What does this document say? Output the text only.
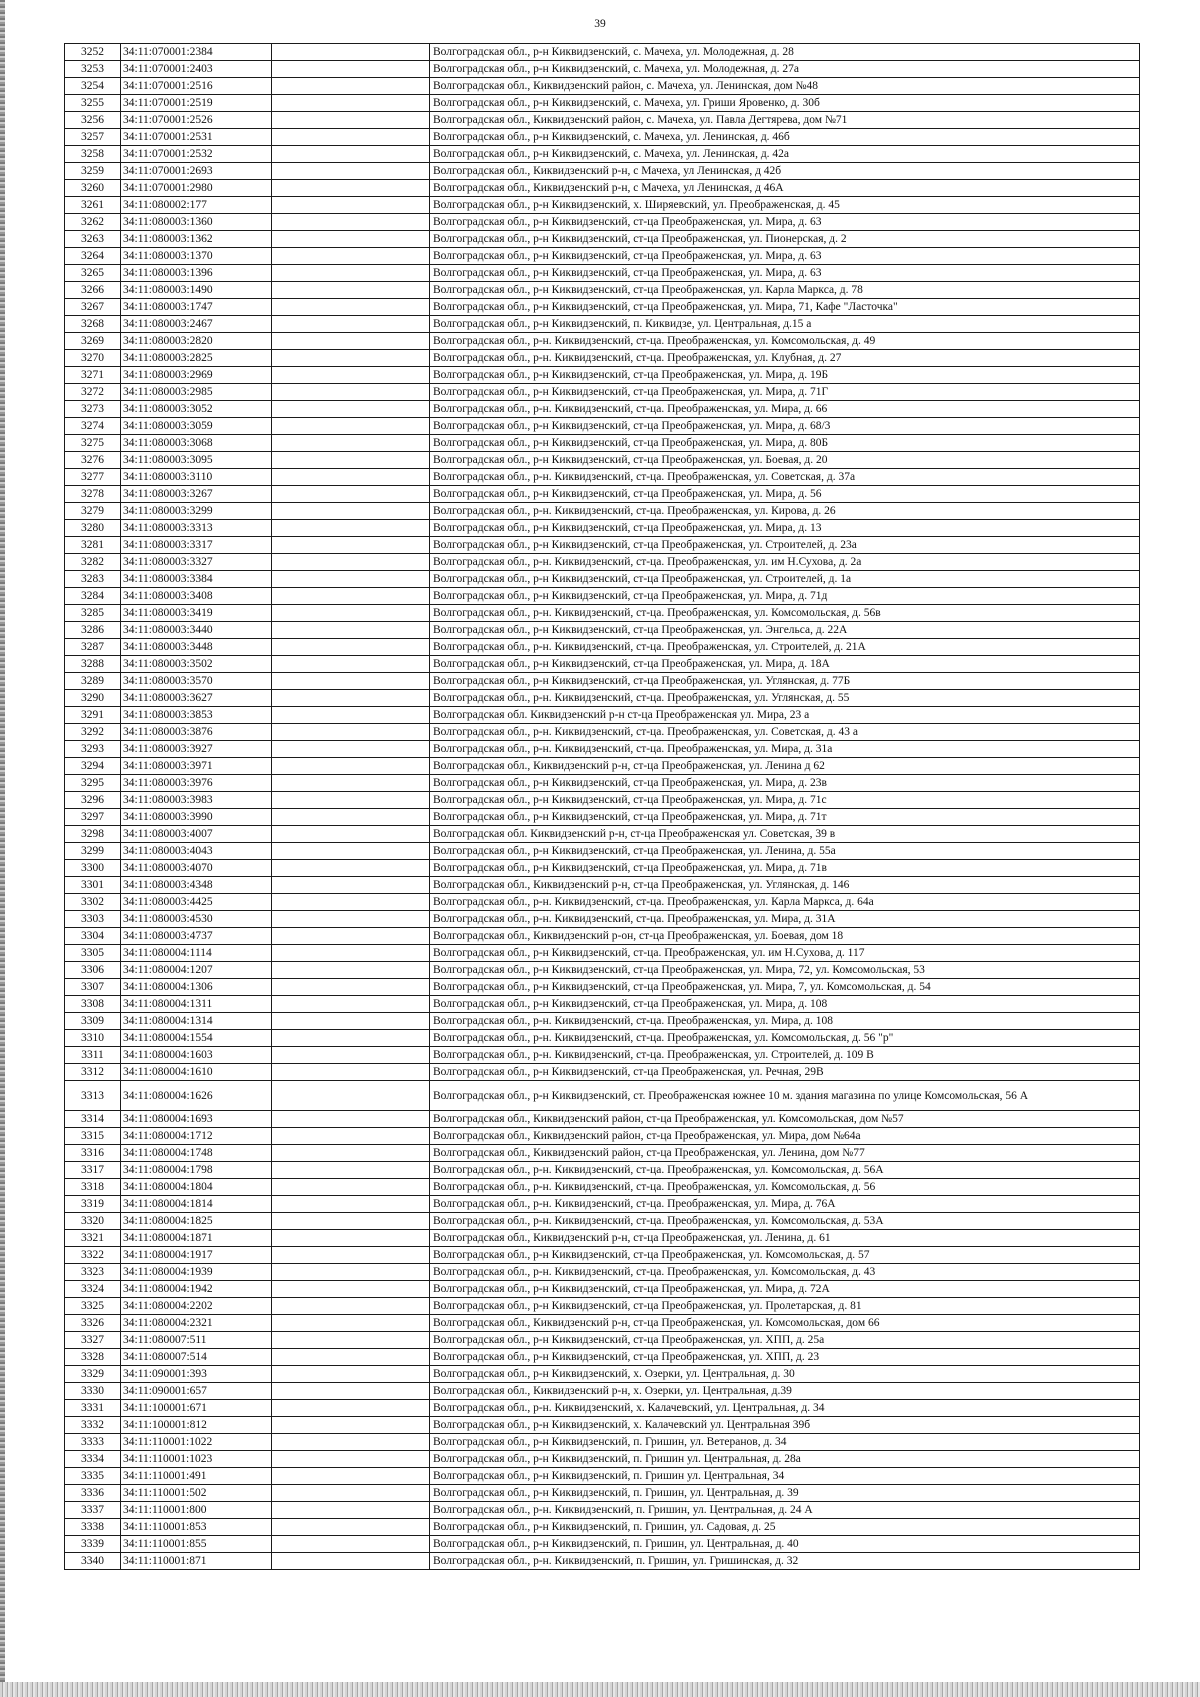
39
3252	34:11:070001:2384		Волгоградская обл., р-н Киквидзенский, с. Мачеха, ул. Молодежная, д. 28
3253	34:11:070001:2403		Волгоградская обл., р-н Киквидзенский, с. Мачеха, ул. Молодежная, д. 27а
3254	34:11:070001:2516		Волгоградская обл., Киквидзенский район, с. Мачеха, ул. Ленинская, дом №48
3255	34:11:070001:2519		Волгоградская обл., р-н Киквидзенский, с. Мачеха, ул. Гриши Яровенко, д. 30б
3256	34:11:070001:2526		Волгоградская обл., Киквидзенский район, с. Мачеха, ул. Павла Дегтярева, дом №71
3257	34:11:070001:2531		Волгоградская обл., р-н Киквидзенский, с. Мачеха, ул. Ленинская, д. 46б
3258	34:11:070001:2532		Волгоградская обл., р-н Киквидзенский, с. Мачеха, ул. Ленинская, д. 42а
3259	34:11:070001:2693		Волгоградская обл., Киквидзенский р-н, с Мачеха, ул Ленинская, д 42б
3260	34:11:070001:2980		Волгоградская обл., Киквидзенский р-н, с Мачеха, ул Ленинская, д 46А
3261	34:11:080002:177		Волгоградская обл., р-н Киквидзенский, х. Ширяевский, ул. Преображенская, д. 45
3262	34:11:080003:1360		Волгоградская обл., р-н Киквидзенский, ст-ца Преображенская, ул. Мира, д. 63
3263	34:11:080003:1362		Волгоградская обл., р-н Киквидзенский, ст-ца Преображенская, ул. Пионерская, д. 2
3264	34:11:080003:1370		Волгоградская обл., р-н Киквидзенский, ст-ца Преображенская, ул. Мира, д. 63
3265	34:11:080003:1396		Волгоградская обл., р-н Киквидзенский, ст-ца Преображенская, ул. Мира, д. 63
3266	34:11:080003:1490		Волгоградская обл., р-н Киквидзенский, ст-ца Преображенская, ул. Карла Маркса, д. 78
3267	34:11:080003:1747		Волгоградская обл., р-н Киквидзенский, ст-ца Преображенская, ул. Мира, 71, Кафе "Ласточка"
3268	34:11:080003:2467		Волгоградская обл., р-н Киквидзенский, п. Киквидзе, ул. Центральная, д.15 а
3269	34:11:080003:2820		Волгоградская обл., р-н. Киквидзенский, ст-ца. Преображенская, ул. Комсомольская, д. 49
3270	34:11:080003:2825		Волгоградская обл., р-н. Киквидзенский, ст-ца. Преображенская, ул. Клубная, д. 27
3271	34:11:080003:2969		Волгоградская обл., р-н Киквидзенский, ст-ца Преображенская, ул. Мира, д. 19Б
3272	34:11:080003:2985		Волгоградская обл., р-н Киквидзенский, ст-ца Преображенская, ул. Мира, д. 71Г
3273	34:11:080003:3052		Волгоградская обл., р-н. Киквидзенский, ст-ца. Преображенская, ул. Мира, д. 66
3274	34:11:080003:3059		Волгоградская обл., р-н Киквидзенский, ст-ца Преображенская, ул. Мира, д. 68/3
3275	34:11:080003:3068		Волгоградская обл., р-н Киквидзенский, ст-ца Преображенская, ул. Мира, д. 80Б
3276	34:11:080003:3095		Волгоградская обл., р-н Киквидзенский, ст-ца Преображенская, ул. Боевая, д. 20
3277	34:11:080003:3110		Волгоградская обл., р-н. Киквидзенский, ст-ца. Преображенская, ул. Советская, д. 37а
3278	34:11:080003:3267		Волгоградская обл., р-н Киквидзенский, ст-ца Преображенская, ул. Мира, д. 56
3279	34:11:080003:3299		Волгоградская обл., р-н. Киквидзенский, ст-ца. Преображенская, ул. Кирова, д. 26
3280	34:11:080003:3313		Волгоградская обл., р-н Киквидзенский, ст-ца Преображенская, ул. Мира, д. 13
3281	34:11:080003:3317		Волгоградская обл., р-н Киквидзенский, ст-ца Преображенская, ул. Строителей, д. 23а
3282	34:11:080003:3327		Волгоградская обл., р-н. Киквидзенский, ст-ца. Преображенская, ул. им Н.Сухова, д. 2а
3283	34:11:080003:3384		Волгоградская обл., р-н Киквидзенский, ст-ца Преображенская, ул. Строителей, д. 1а
3284	34:11:080003:3408		Волгоградская обл., р-н Киквидзенский, ст-ца Преображенская, ул. Мира, д. 71д
3285	34:11:080003:3419		Волгоградская обл., р-н. Киквидзенский, ст-ца. Преображенская, ул. Комсомольская, д. 56в
3286	34:11:080003:3440		Волгоградская обл., р-н Киквидзенский, ст-ца Преображенская, ул. Энгельса, д. 22А
3287	34:11:080003:3448		Волгоградская обл., р-н. Киквидзенский, ст-ца. Преображенская, ул. Строителей, д. 21А
3288	34:11:080003:3502		Волгоградская обл., р-н Киквидзенский, ст-ца Преображенская, ул. Мира, д. 18А
3289	34:11:080003:3570		Волгоградская обл., р-н Киквидзенский, ст-ца Преображенская, ул. Углянская, д. 77Б
3290	34:11:080003:3627		Волгоградская обл., р-н. Киквидзенский, ст-ца. Преображенская, ул. Углянская, д. 55
3291	34:11:080003:3853		Волгоградская обл. Киквидзенский р-н ст-ца Преображенская ул. Мира, 23 а
3292	34:11:080003:3876		Волгоградская обл., р-н. Киквидзенский, ст-ца. Преображенская, ул. Советская, д. 43 а
3293	34:11:080003:3927		Волгоградская обл., р-н. Киквидзенский, ст-ца. Преображенская, ул. Мира, д. 31а
3294	34:11:080003:3971		Волгоградская обл., Киквидзенский р-н, ст-ца Преображенская, ул. Ленина д 62
3295	34:11:080003:3976		Волгоградская обл., р-н Киквидзенский, ст-ца Преображенская, ул. Мира, д. 23в
3296	34:11:080003:3983		Волгоградская обл., р-н Киквидзенский, ст-ца Преображенская, ул. Мира, д. 71с
3297	34:11:080003:3990		Волгоградская обл., р-н Киквидзенский, ст-ца Преображенская, ул. Мира, д. 71т
3298	34:11:080003:4007		Волгоградская обл. Киквидзенский р-н, ст-ца Преображенская ул. Советская, 39 в
3299	34:11:080003:4043		Волгоградская обл., р-н Киквидзенский, ст-ца Преображенская, ул. Ленина, д. 55а
3300	34:11:080003:4070		Волгоградская обл., р-н Киквидзенский, ст-ца Преображенская, ул. Мира, д. 71в
3301	34:11:080003:4348		Волгоградская обл., Киквидзенский р-н, ст-ца Преображенская, ул. Углянская, д. 146
3302	34:11:080003:4425		Волгоградская обл., р-н. Киквидзенский, ст-ца. Преображенская, ул. Карла Маркса, д. 64а
3303	34:11:080003:4530		Волгоградская обл., р-н. Киквидзенский, ст-ца. Преображенская, ул. Мира, д. 31А
3304	34:11:080003:4737		Волгоградская обл., Киквидзенский р-он, ст-ца Преображенская, ул. Боевая, дом 18
3305	34:11:080004:1114		Волгоградская обл., р-н Киквидзенский, ст-ца. Преображенская, ул. им Н.Сухова, д. 117
3306	34:11:080004:1207		Волгоградская обл., р-н Киквидзенский, ст-ца Преображенская, ул. Мира, 72, ул. Комсомольская, 53
3307	34:11:080004:1306		Волгоградская обл., р-н Киквидзенский, ст-ца Преображенская, ул. Мира, 7, ул. Комсомольская, д. 54
3308	34:11:080004:1311		Волгоградская обл., р-н Киквидзенский, ст-ца Преображенская, ул. Мира, д. 108
3309	34:11:080004:1314		Волгоградская обл., р-н. Киквидзенский, ст-ца. Преображенская, ул. Мира, д. 108
3310	34:11:080004:1554		Волгоградская обл., р-н. Киквидзенский, ст-ца. Преображенская, ул. Комсомольская, д. 56 "р"
3311	34:11:080004:1603		Волгоградская обл., р-н. Киквидзенский, ст-ца. Преображенская, ул. Строителей, д. 109 В
3312	34:11:080004:1610		Волгоградская обл., р-н Киквидзенский, ст-ца Преображенская, ул. Речная, 29В
3313	34:11:080004:1626		Волгоградская обл., р-н Киквидзенский, ст. Преображенская южнее 10 м. здания магазина по улице Комсомольская, 56 А
3314	34:11:080004:1693		Волгоградская обл., Киквидзенский район, ст-ца Преображенская, ул. Комсомольская, дом №57
3315	34:11:080004:1712		Волгоградская обл., Киквидзенский район, ст-ца Преображенская, ул. Мира, дом №64а
3316	34:11:080004:1748		Волгоградская обл., Киквидзенский район, ст-ца Преображенская, ул. Ленина, дом №77
3317	34:11:080004:1798		Волгоградская обл., р-н. Киквидзенский, ст-ца. Преображенская, ул. Комсомольская, д. 56А
3318	34:11:080004:1804		Волгоградская обл., р-н. Киквидзенский, ст-ца. Преображенская, ул. Комсомольская, д. 56
3319	34:11:080004:1814		Волгоградская обл., р-н. Киквидзенский, ст-ца. Преображенская, ул. Мира, д. 76А
3320	34:11:080004:1825		Волгоградская обл., р-н. Киквидзенский, ст-ца. Преображенская, ул. Комсомольская, д. 53А
3321	34:11:080004:1871		Волгоградская обл., Киквидзенский р-н, ст-ца Преображенская, ул. Ленина, д. 61
3322	34:11:080004:1917		Волгоградская обл., р-н Киквидзенский, ст-ца Преображенская, ул. Комсомольская, д. 57
3323	34:11:080004:1939		Волгоградская обл., р-н. Киквидзенский, ст-ца. Преображенская, ул. Комсомольская, д. 43
3324	34:11:080004:1942		Волгоградская обл., р-н Киквидзенский, ст-ца Преображенская, ул. Мира, д. 72А
3325	34:11:080004:2202		Волгоградская обл., р-н Киквидзенский, ст-ца Преображенская, ул. Пролетарская, д. 81
3326	34:11:080004:2321		Волгоградская обл., Киквидзенский р-н, ст-ца Преображенская, ул. Комсомольская, дом 66
3327	34:11:080007:511		Волгоградская обл., р-н Киквидзенский, ст-ца Преображенская, ул. ХПП, д. 25а
3328	34:11:080007:514		Волгоградская обл., р-н Киквидзенский, ст-ца Преображенская, ул. ХПП, д. 23
3329	34:11:090001:393		Волгоградская обл., р-н Киквидзенский, х. Озерки, ул. Центральная, д. 30
3330	34:11:090001:657		Волгоградская обл., Киквидзенский р-н, х. Озерки, ул. Центральная, д.39
3331	34:11:100001:671		Волгоградская обл., р-н. Киквидзенский, х. Калачевский, ул. Центральная, д. 34
3332	34:11:100001:812		Волгоградская обл., р-н Киквидзенский, х. Калачевский ул. Центральная 39б
3333	34:11:110001:1022		Волгоградская обл., р-н Киквидзенский, п. Гришин, ул. Ветеранов, д. 34
3334	34:11:110001:1023		Волгоградская обл., р-н Киквидзенский, п. Гришин ул. Центральная, д. 28а
3335	34:11:110001:491		Волгоградская обл., р-н Киквидзенский, п. Гришин ул. Центральная, 34
3336	34:11:110001:502		Волгоградская обл., р-н Киквидзенский, п. Гришин, ул. Центральная, д. 39
3337	34:11:110001:800		Волгоградская обл., р-н. Киквидзенский, п. Гришин, ул. Центральная, д. 24 А
3338	34:11:110001:853		Волгоградская обл., р-н Киквидзенский, п. Гришин, ул. Садовая, д. 25
3339	34:11:110001:855		Волгоградская обл., р-н Киквидзенский, п. Гришин, ул. Центральная, д. 40
3340	34:11:110001:871		Волгоградская обл., р-н. Киквидзенский, п. Гришин, ул. Гришинская, д. 32
